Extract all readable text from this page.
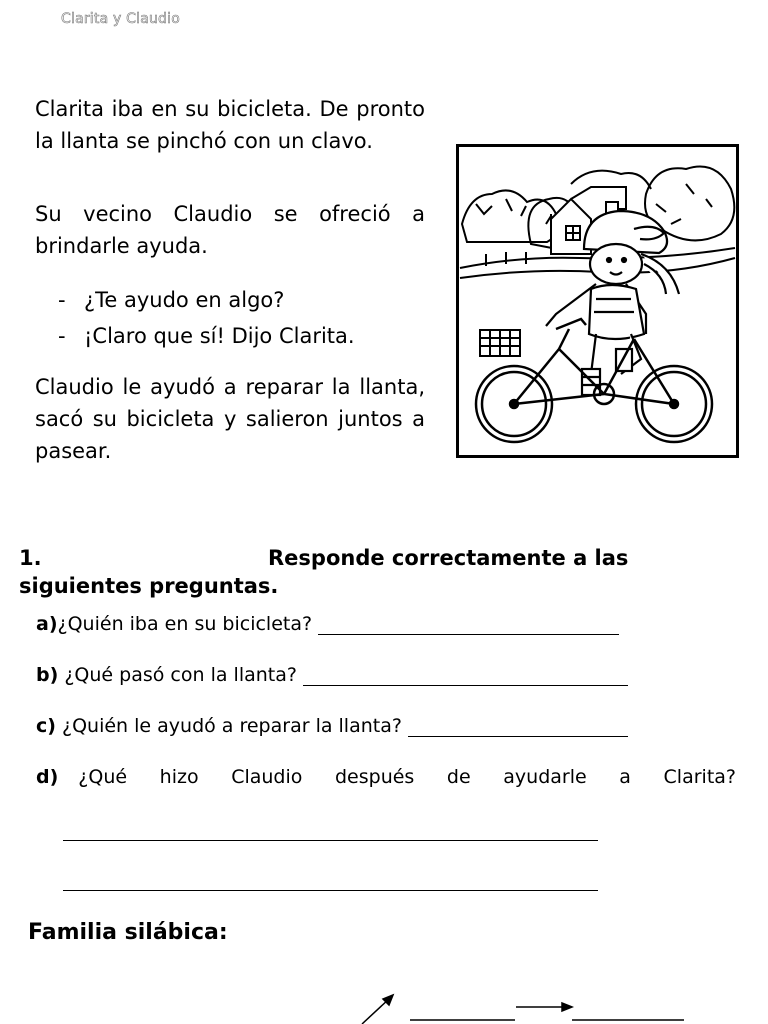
Clarita y Claudio

Clarita iba en su bicicleta. De pronto la llanta se pinchó con un clavo.

Su vecino Claudio se ofreció a brindarle ayuda.

- ¿Te ayudo en algo?
- ¡Claro que sí! Dijo Clarita.

Claudio le ayudó a reparar la llanta, sacó su bicicleta y salieron juntos a pasear.

1.	Responde correctamente a las siguientes preguntas.
a)¿Quién iba en su bicicleta?
b) ¿Qué pasó con la llanta?
c) ¿Quién le ayudó a reparar la llanta?
d) ¿Qué hizo Claudio después de ayudarle a Clarita?
Familia silábica:
